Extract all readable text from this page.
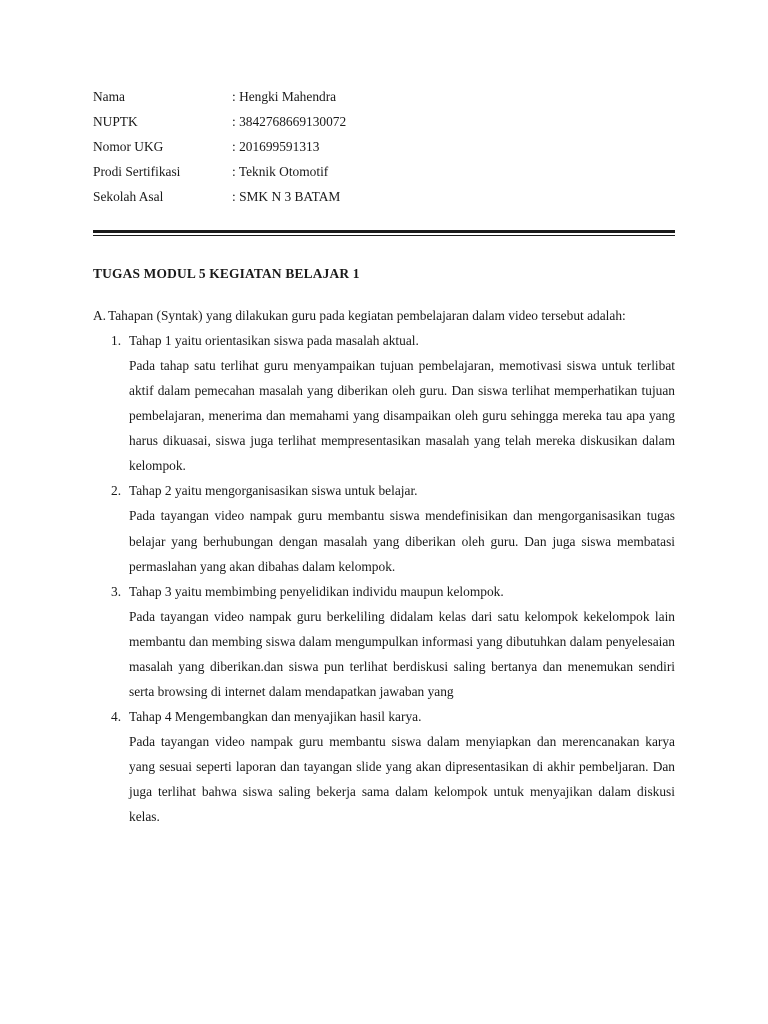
Nama	: Hengki Mahendra
NUPTK	: 3842768669130072
Nomor UKG	: 201699591313
Prodi Sertifikasi	: Teknik Otomotif
Sekolah Asal	: SMK N 3 BATAM
TUGAS MODUL 5 KEGIATAN BELAJAR 1
A. Tahapan (Syntak) yang dilakukan guru pada kegiatan pembelajaran dalam video tersebut adalah:
1. Tahap 1 yaitu orientasikan siswa pada masalah aktual.

Pada tahap satu terlihat guru menyampaikan tujuan pembelajaran, memotivasi siswa untuk terlibat aktif dalam pemecahan masalah yang diberikan oleh guru. Dan siswa terlihat memperhatikan tujuan pembelajaran, menerima dan memahami yang disampaikan oleh guru sehingga mereka tau apa yang harus dikuasai, siswa juga terlihat mempresentasikan masalah yang telah mereka diskusikan dalam kelompok.

2. Tahap 2 yaitu mengorganisasikan siswa untuk belajar.

Pada tayangan video nampak guru membantu siswa mendefinisikan dan mengorganisasikan tugas belajar yang berhubungan dengan masalah yang diberikan oleh guru. Dan juga siswa membatasi permaslahan yang akan dibahas dalam kelompok.

3. Tahap 3 yaitu membimbing penyelidikan individu maupun kelompok.

Pada tayangan video nampak guru berkeliling didalam kelas dari satu kelompok kekelompok lain membantu dan membing siswa dalam mengumpulkan informasi yang dibutuhkan dalam penyelesaian masalah yang diberikan.dan siswa pun terlihat berdiskusi saling bertanya dan menemukan sendiri serta browsing di internet dalam mendapatkan jawaban yang

4. Tahap 4 Mengembangkan dan menyajikan hasil karya.

Pada tayangan video nampak guru membantu siswa dalam menyiapkan dan merencanakan karya yang sesuai seperti laporan dan tayangan slide yang akan dipresentasikan di akhir pembeljaran. Dan juga terlihat bahwa siswa saling bekerja sama dalam kelompok untuk menyajikan dalam diskusi kelas.
